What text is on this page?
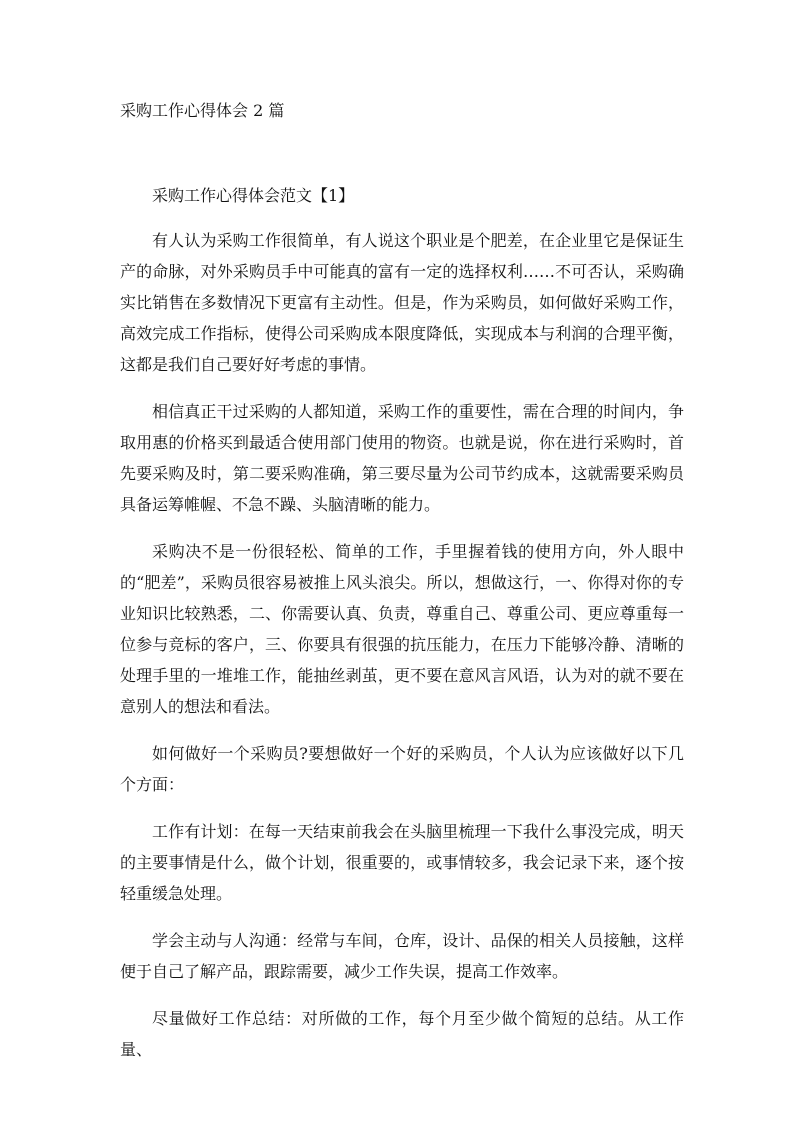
采购工作心得体会 2 篇
采购工作心得体会范文【1】

有人认为采购工作很简单，有人说这个职业是个肥差，在企业里它是保证生产的命脉，对外采购员手中可能真的富有一定的选择权利……不可否认，采购确实比销售在多数情况下更富有主动性。但是，作为采购员，如何做好采购工作，高效完成工作指标，使得公司采购成本限度降低，实现成本与利润的合理平衡，这都是我们自己要好好考虑的事情。

相信真正干过采购的人都知道，采购工作的重要性，需在合理的时间内，争取用惠的价格买到最适合使用部门使用的物资。也就是说，你在进行采购时，首先要采购及时，第二要采购准确，第三要尽量为公司节约成本，这就需要采购员具备运筹帷幄、不急不躁、头脑清晰的能力。

采购决不是一份很轻松、简单的工作，手里握着钱的使用方向，外人眼中的“肥差”，采购员很容易被推上风头浪尖。所以，想做这行，一、你得对你的专业知识比较熟悉，二、你需要认真、负责，尊重自己、尊重公司、更应尊重每一位参与竞标的客户，三、你要具有很强的抗压能力，在压力下能够冷静、清晰的处理手里的一堆堆工作，能抽丝剥茧，更不要在意风言风语，认为对的就不要在意别人的想法和看法。

如何做好一个采购员?要想做好一个好的采购员，个人认为应该做好以下几个方面：

工作有计划：在每一天结束前我会在头脑里梳理一下我什么事没完成，明天的主要事情是什么，做个计划，很重要的，或事情较多，我会记录下来，逐个按轻重缓急处理。

学会主动与人沟通：经常与车间，仓库，设计、品保的相关人员接触，这样便于自己了解产品，跟踪需要，减少工作失误，提高工作效率。

尽量做好工作总结：对所做的工作，每个月至少做个简短的总结。从工作量、
